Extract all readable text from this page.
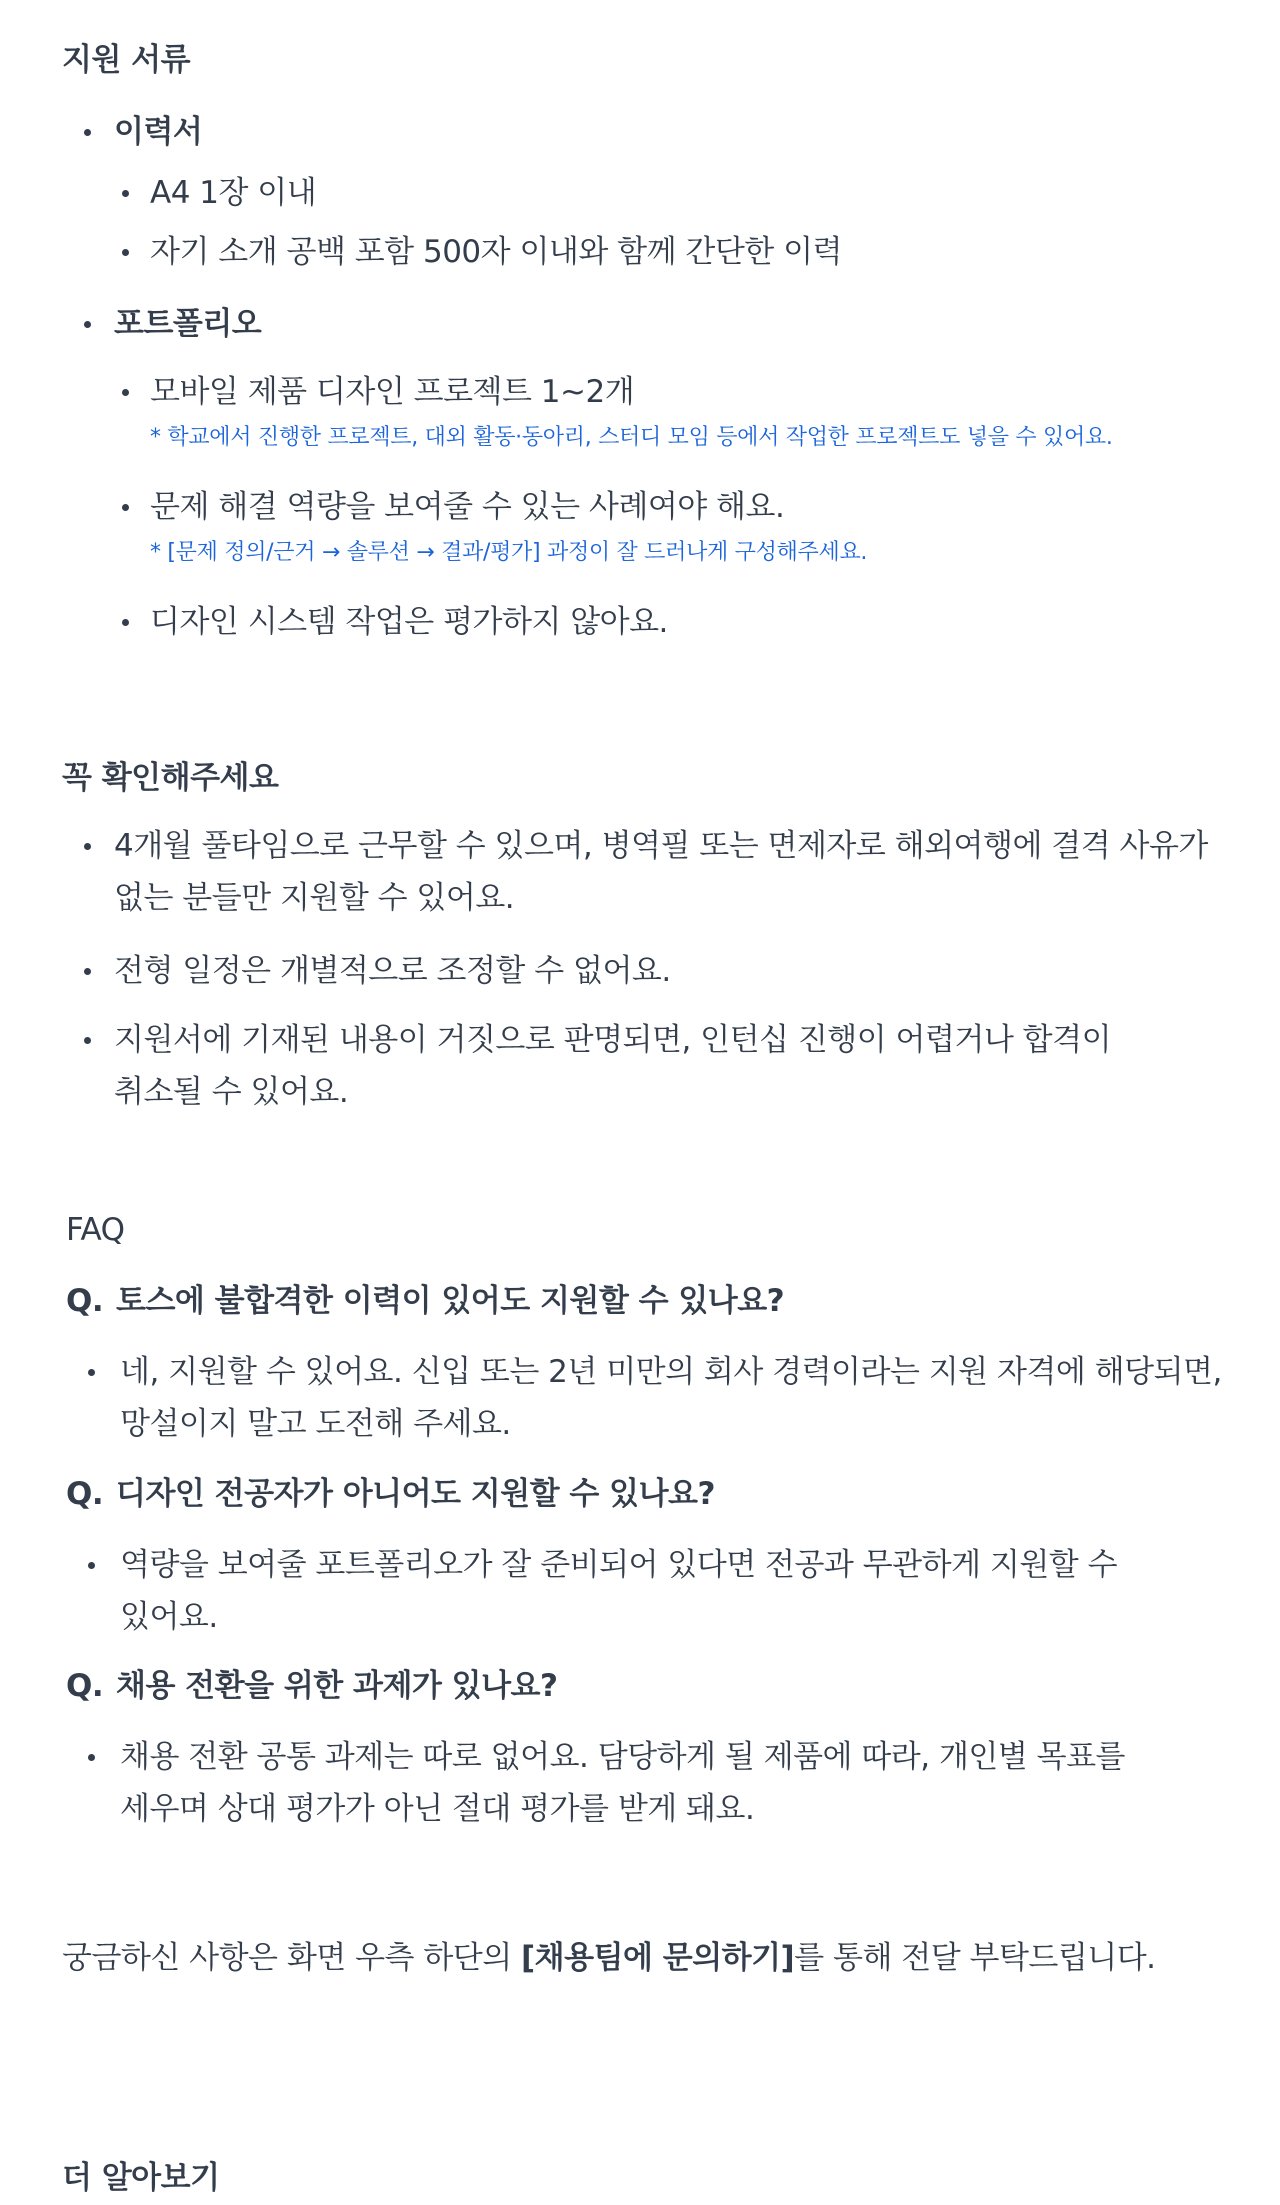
지원 서류
이력서
A4 1장 이내
자기 소개 공백 포함 500자 이내와 함께 간단한 이력
포트폴리오
모바일 제품 디자인 프로젝트 1~2개
* 학교에서 진행한 프로젝트, 대외 활동·동아리, 스터디 모임 등에서 작업한 프로젝트도 넣을 수 있어요.
문제 해결 역량을 보여줄 수 있는 사례여야 해요.
* [문제 정의/근거 → 솔루션 → 결과/평가] 과정이 잘 드러나게 구성해주세요.
디자인 시스템 작업은 평가하지 않아요.
꼭 확인해주세요
4개월 풀타임으로 근무할 수 있으며, 병역필 또는 면제자로 해외여행에 결격 사유가
없는 분들만 지원할 수 있어요.
전형 일정은 개별적으로 조정할 수 없어요.
지원서에 기재된 내용이 거짓으로 판명되면, 인턴십 진행이 어렵거나 합격이
취소될 수 있어요.
FAQ
Q. 토스에 불합격한 이력이 있어도 지원할 수 있나요?
네, 지원할 수 있어요. 신입 또는 2년 미만의 회사 경력이라는 지원 자격에 해당되면,
망설이지 말고 도전해 주세요.
Q. 디자인 전공자가 아니어도 지원할 수 있나요?
역량을 보여줄 포트폴리오가 잘 준비되어 있다면 전공과 무관하게 지원할 수
있어요.
Q. 채용 전환을 위한 과제가 있나요?
채용 전환 공통 과제는 따로 없어요. 담당하게 될 제품에 따라, 개인별 목표를
세우며 상대 평가가 아닌 절대 평가를 받게 돼요.

궁금하신 사항은 화면 우측 하단의 [채용팀에 문의하기]를 통해 전달 부탁드립니다.

더 알아보기
